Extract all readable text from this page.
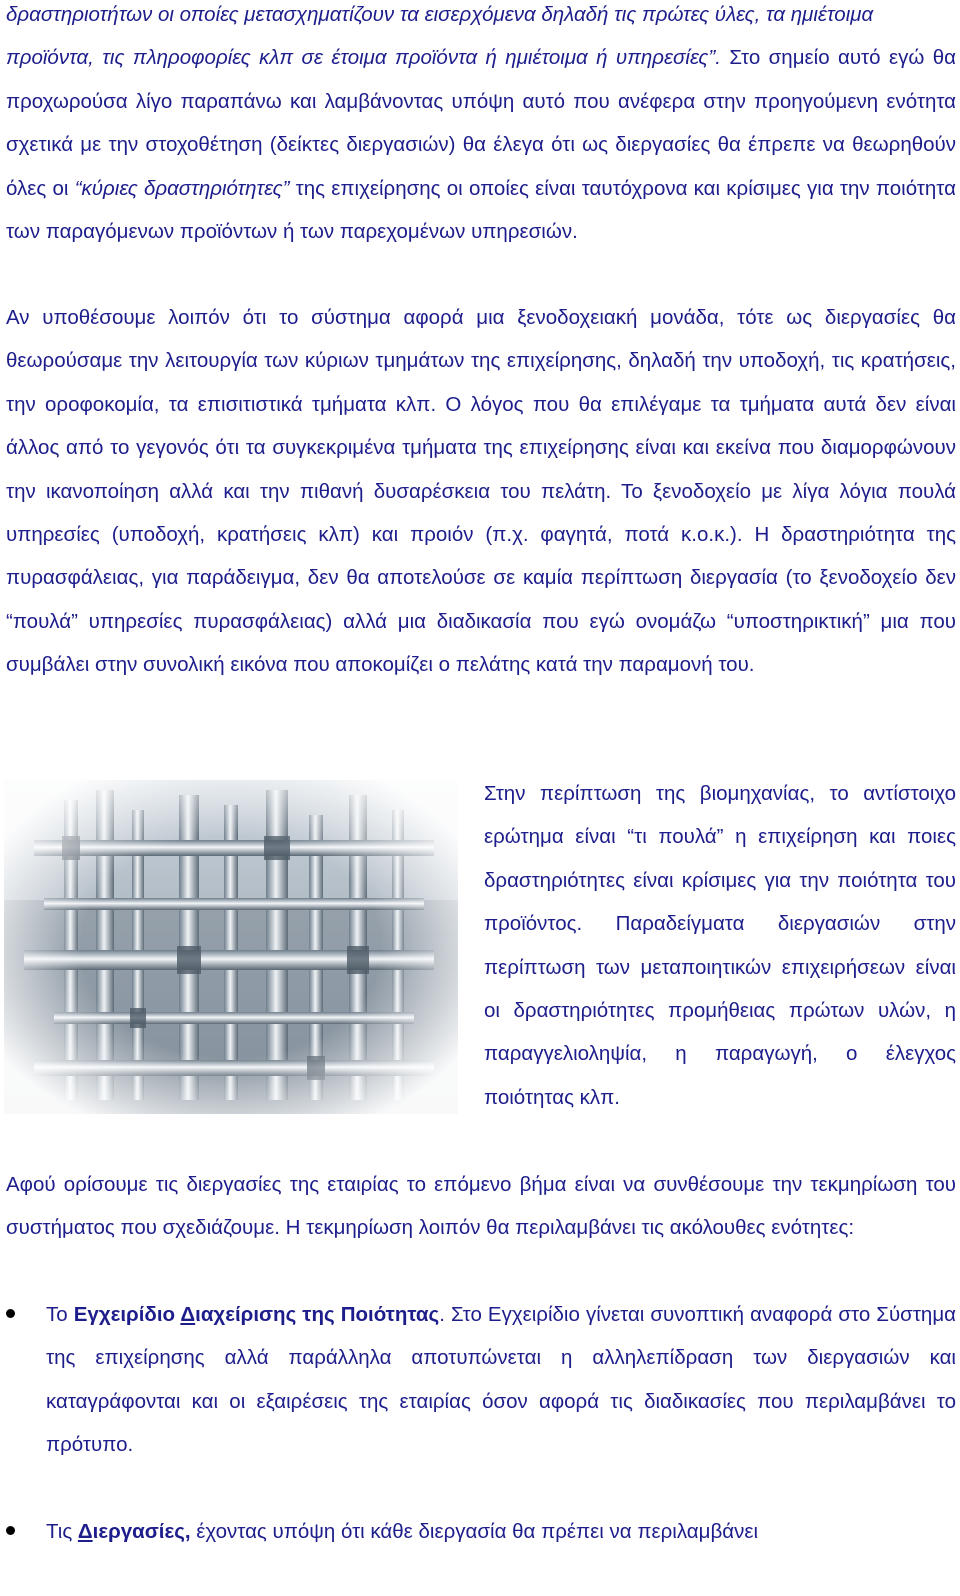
δραστηριοτήτων οι οποίες μετασχηματίζουν τα εισερχόμενα δηλαδή τις πρώτες ύλες, τα ημιέτοιμα
προϊόντα, τις πληροφορίες κλπ σε έτοιμα προϊόντα ή ημιέτοιμα ή υπηρεσίες”. Στο σημείο αυτό εγώ θα προχωρούσα λίγο παραπάνω και λαμβάνοντας υπόψη αυτό που ανέφερα στην προηγούμενη ενότητα σχετικά με την στοχοθέτηση (δείκτες διεργασιών) θα έλεγα ότι ως διεργασίες θα έπρεπε να θεωρηθούν όλες οι “κύριες δραστηριότητες” της επιχείρησης οι οποίες είναι ταυτόχρονα και κρίσιμες για την ποιότητα των παραγόμενων προϊόντων ή των παρεχομένων υπηρεσιών.

Αν υποθέσουμε λοιπόν ότι το σύστημα αφορά μια ξενοδοχειακή μονάδα, τότε ως διεργασίες θα θεωρούσαμε την λειτουργία των κύριων τμημάτων της επιχείρησης, δηλαδή την υποδοχή, τις κρατήσεις, την οροφοκομία, τα επισιτιστικά τμήματα κλπ. Ο λόγος που θα επιλέγαμε τα τμήματα αυτά δεν είναι άλλος από το γεγονός ότι τα συγκεκριμένα τμήματα της επιχείρησης είναι και εκείνα που διαμορφώνουν την ικανοποίηση αλλά και την πιθανή δυσαρέσκεια του πελάτη. Το ξενοδοχείο με λίγα λόγια πουλά υπηρεσίες (υποδοχή, κρατήσεις κλπ) και προιόν (π.χ. φαγητά, ποτά κ.ο.κ.). Η δραστηριότητα της πυρασφάλειας, για παράδειγμα, δεν θα αποτελούσε σε καμία περίπτωση διεργασία (το ξενοδοχείο δεν “πουλά” υπηρεσίες πυρασφάλειας) αλλά μια διαδικασία που εγώ ονομάζω “υποστηρικτική” μια που συμβάλει στην συνολική εικόνα που αποκομίζει ο πελάτης κατά την παραμονή του.

Στην περίπτωση της βιομηχανίας, το αντίστοιχο ερώτημα είναι “τι πουλά” η επιχείρηση και ποιες δραστηριότητες είναι κρίσιμες για την ποιότητα του προϊόντος. Παραδείγματα διεργασιών στην περίπτωση των μεταποιητικών επιχειρήσεων είναι οι δραστηριότητες προμήθειας πρώτων υλών, η παραγγελιοληψία, η παραγωγή, ο έλεγχος ποιότητας κλπ.

Αφού ορίσουμε τις διεργασίες της εταιρίας το επόμενο βήμα είναι να συνθέσουμε την τεκμηρίωση του συστήματος που σχεδιάζουμε. Η τεκμηρίωση λοιπόν θα περιλαμβάνει τις ακόλουθες ενότητες:

Το Εγχειρίδιο Διαχείρισης της Ποιότητας. Στο Εγχειρίδιο γίνεται συνοπτική αναφορά στο Σύστημα της επιχείρησης αλλά παράλληλα αποτυπώνεται η αλληλεπίδραση των διεργασιών και καταγράφονται και οι εξαιρέσεις της εταιρίας όσον αφορά τις διαδικασίες που περιλαμβάνει το πρότυπο.
Τις Διεργασίες, έχοντας υπόψη ότι κάθε διεργασία θα πρέπει να περιλαμβάνει
